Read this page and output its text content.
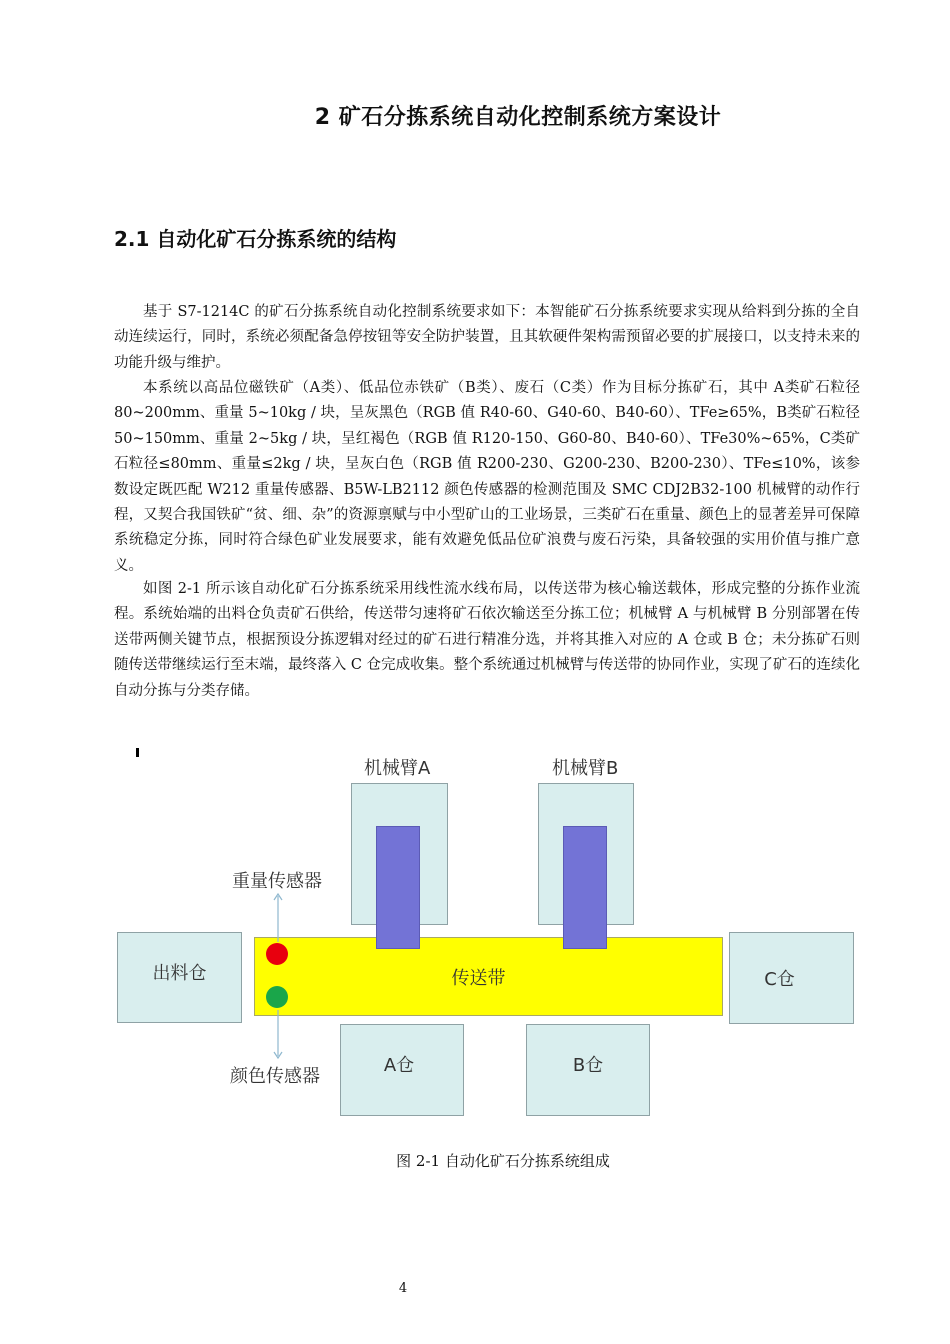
2 矿石分拣系统自动化控制系统方案设计
2.1 自动化矿石分拣系统的结构

基于 S7-1214C 的矿石分拣系统自动化控制系统要求如下：本智能矿石分拣系统要求实现从给料到分拣的全自动连续运行，同时，系统必须配备急停按钮等安全防护装置，且其软硬件架构需预留必要的扩展接口，以支持未来的功能升级与维护。

本系统以高品位磁铁矿（A类）、低品位赤铁矿（B类）、废石（C类）作为目标分拣矿石，其中 A类矿石粒径 80~200mm、重量 5~10kg / 块，呈灰黑色（RGB 值 R40-60、G40-60、B40-60）、TFe≥65%，B类矿石粒径 50~150mm、重量 2~5kg / 块，呈红褐色（RGB 值 R120-150、G60-80、B40-60）、TFe30%~65%，C类矿石粒径≤80mm、重量≤2kg / 块，呈灰白色（RGB 值 R200-230、G200-230、B200-230）、TFe≤10%，该参数设定既匹配 W212 重量传感器、B5W-LB2112 颜色传感器的检测范围及 SMC CDJ2B32-100 机械臂的动作行程，又契合我国铁矿“贫、细、杂”的资源禀赋与中小型矿山的工业场景，三类矿石在重量、颜色上的显著差异可保障系统稳定分拣，同时符合绿色矿业发展要求，能有效避免低品位矿浪费与废石污染，具备较强的实用价值与推广意义。

如图 2-1 所示该自动化矿石分拣系统采用线性流水线布局，以传送带为核心输送载体，形成完整的分拣作业流程。系统始端的出料仓负责矿石供给，传送带匀速将矿石依次输送至分拣工位；机械臂 A 与机械臂 B 分别部署在传送带两侧关键节点，根据预设分拣逻辑对经过的矿石进行精准分选，并将其推入对应的 A 仓或 B 仓；未分拣矿石则随传送带继续运行至末端，最终落入 C 仓完成收集。整个系统通过机械臂与传送带的协同作业，实现了矿石的连续化自动分拣与分类存储。

机械臂A	机械臂B
传送带
出料仓	C仓
A仓	B仓
重量传感器
颜色传感器
图 2-1 自动化矿石分拣系统组成
4
